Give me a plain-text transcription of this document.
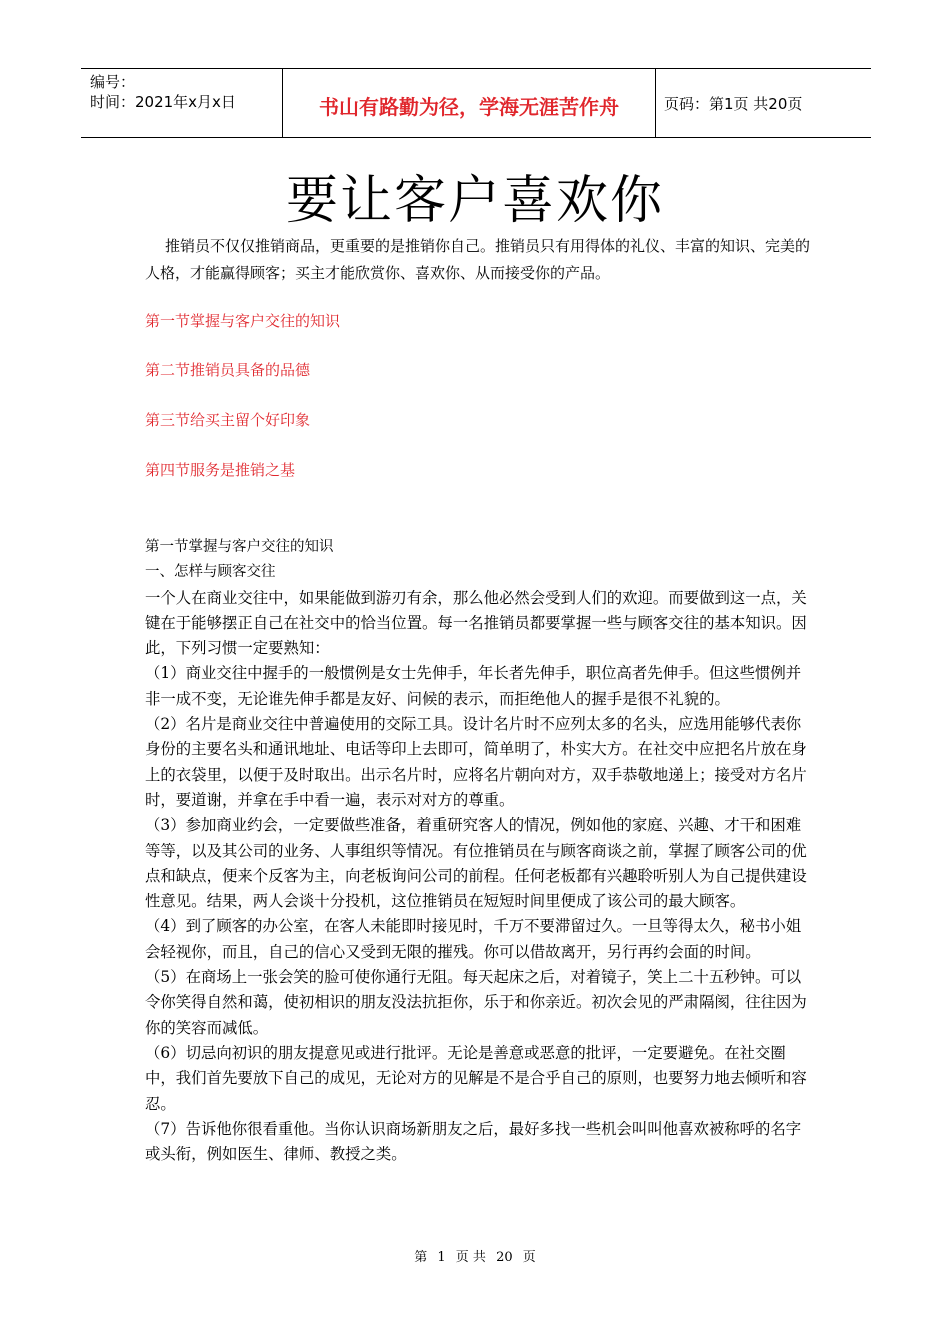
编号：
时间：2021年x月x日	书山有路勤为径，学海无涯苦作舟	页码：第1页 共20页
要让客户喜欢你
推销员不仅仅推销商品，更重要的是推销你自己。推销员只有用得体的礼仪、丰富的知识、完美的人格，才能赢得顾客；买主才能欣赏你、喜欢你、从而接受你的产品。
第一节掌握与客户交往的知识
第二节推销员具备的品德
第三节给买主留个好印象
第四节服务是推销之基

第一节掌握与客户交往的知识

一、怎样与顾客交往

一个人在商业交往中，如果能做到游刃有余，那么他必然会受到人们的欢迎。而要做到这一点，关键在于能够摆正自己在社交中的恰当位置。每一名推销员都要掌握一些与顾客交往的基本知识。因此，下列习惯一定要熟知：

（1）商业交往中握手的一般惯例是女士先伸手，年长者先伸手，职位高者先伸手。但这些惯例并非一成不变，无论谁先伸手都是友好、问候的表示，而拒绝他人的握手是很不礼貌的。

（2）名片是商业交往中普遍使用的交际工具。设计名片时不应列太多的名头，应选用能够代表你身份的主要名头和通讯地址、电话等印上去即可，简单明了，朴实大方。在社交中应把名片放在身上的衣袋里，以便于及时取出。出示名片时，应将名片朝向对方，双手恭敬地递上；接受对方名片时，要道谢，并拿在手中看一遍，表示对对方的尊重。

（3）参加商业约会，一定要做些准备，着重研究客人的情况，例如他的家庭、兴趣、才干和困难等等，以及其公司的业务、人事组织等情况。有位推销员在与顾客商谈之前，掌握了顾客公司的优点和缺点，便来个反客为主，向老板询问公司的前程。任何老板都有兴趣聆听别人为自己提供建设性意见。结果，两人会谈十分投机，这位推销员在短短时间里便成了该公司的最大顾客。

（4）到了顾客的办公室，在客人未能即时接见时，千万不要滞留过久。一旦等得太久，秘书小姐会轻视你，而且，自己的信心又受到无限的摧残。你可以借故离开，另行再约会面的时间。

（5）在商场上一张会笑的脸可使你通行无阻。每天起床之后，对着镜子，笑上二十五秒钟。可以令你笑得自然和蔼，使初相识的朋友没法抗拒你，乐于和你亲近。初次会见的严肃隔阂，往往因为你的笑容而减低。

（6）切忌向初识的朋友提意见或进行批评。无论是善意或恶意的批评，一定要避免。在社交圈中，我们首先要放下自己的成见，无论对方的见解是不是合乎自己的原则，也要努力地去倾听和容忍。

（7）告诉他你很看重他。当你认识商场新朋友之后，最好多找一些机会叫叫他喜欢被称呼的名字或头衔，例如医生、律师、教授之类。

第 1 页 共 20 页
